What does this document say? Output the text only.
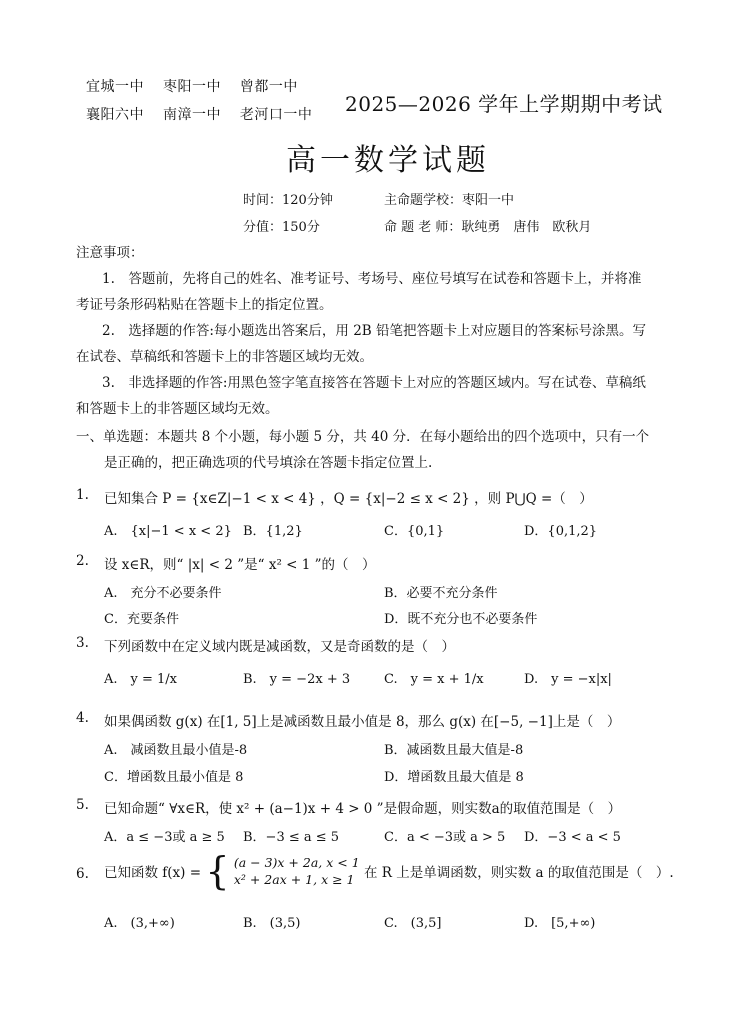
宜城一中 枣阳一中 曾都一中
襄阳六中 南漳一中 老河口一中 2025—2026 学年上学期期中考试
高一数学试题
时间：120分钟	主命题学校：枣阳一中
分值：150分	命 题 老 师：耿纯勇　唐伟　欧秋月
注意事项：
1.　答题前，先将自己的姓名、准考证号、考场号、座位号填写在试卷和答题卡上，并将准
考证号条形码粘贴在答题卡上的指定位置。
2.　选择题的作答:每小题选出答案后，用 2B 铅笔把答题卡上对应题目的答案标号涂黑。写
在试卷、草稿纸和答题卡上的非答题区域均无效。
3.　非选择题的作答:用黑色签字笔直接答在答题卡上对应的答题区域内。写在试卷、草稿纸
和答题卡上的非答题区域均无效。
一、单选题：本题共 8 个小题，每小题 5 分，共 40 分．在每小题给出的四个选项中，只有一个
是正确的，把正确选项的代号填涂在答题卡指定位置上.
1. 已知集合 P = {x∈Z|−1 < x < 4} ，Q = {x|−2 ≤ x < 2} ，则 P⋃Q =（　）
A.　{x|−1 < x < 2} B．{1,2}	C．{0,1}	D．{0,1,2}
2. 设 x∈R，则“ |x| < 2 ”是“ x² < 1 ”的（　）
A.　充分不必要条件	B．必要不充分条件
C．充要条件	D．既不充分也不必要条件
3. 下列函数中在定义域内既是减函数，又是奇函数的是（　）
A.　y = 1/x	B.　y = −2x + 3	C.　y = x + 1/x	D.　y = −x|x|
4. 如果偶函数 g(x) 在[1, 5]上是减函数且最小值是 8，那么 g(x) 在[−5, −1]上是（　）
A.　减函数且最小值是-8	B．减函数且最大值是-8
C．增函数且最小值是 8	D．增函数且最大值是 8
5. 已知命题“ ∀x∈R，使 x² + (a−1)x + 4 > 0 ”是假命题，则实数a的取值范围是（　）
A．a ≤ −3或 a ≥ 5 B．−3 ≤ a ≤ 5	C．a < −3或 a > 5 D．−3 < a < 5
6. 已知函数 f(x) = { (a − 3)x + 2a, x < 1
x² + 2ax + 1, x ≥ 1 在 R 上是单调函数，则实数 a 的取值范围是（　）.
A.　(3,+∞)	B.　(3,5)	C.　(3,5]	D.　[5,+∞)
